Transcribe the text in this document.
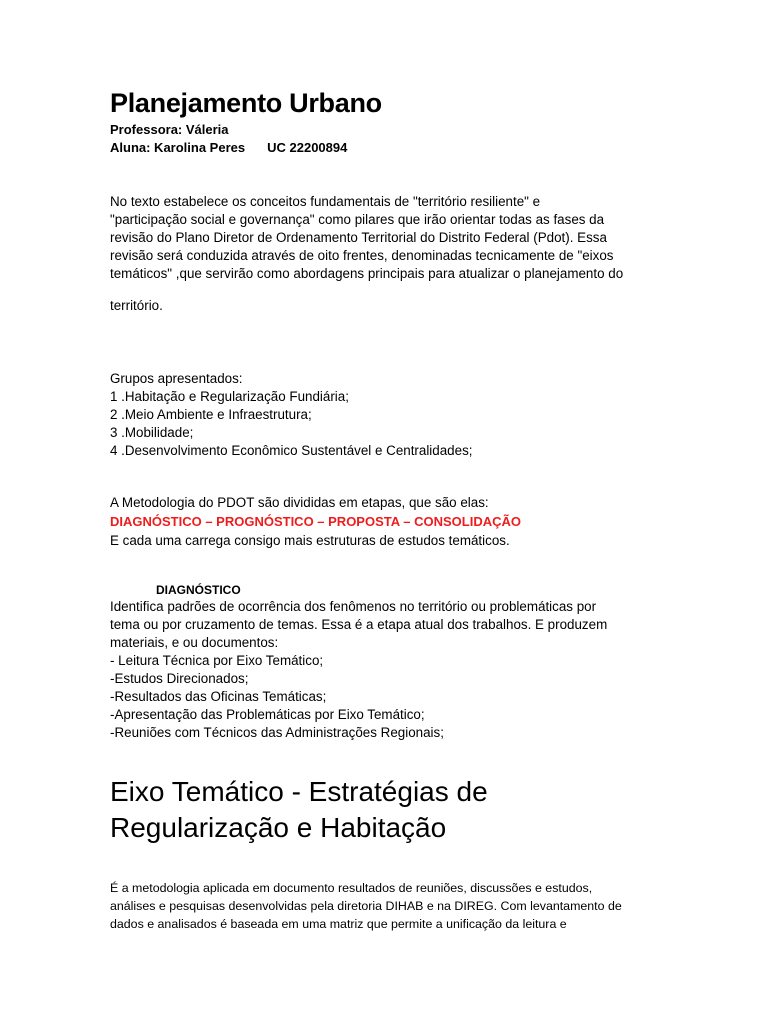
Planejamento Urbano
Professora: Váleria
Aluna: Karolina Peres UC 22200894
No texto estabelece os conceitos fundamentais de "território resiliente" e
"participação social e governança" como pilares que irão orientar todas as fases da
revisão do Plano Diretor de Ordenamento Territorial do Distrito Federal (Pdot). Essa
revisão será conduzida através de oito frentes, denominadas tecnicamente de "eixos
temáticos" ,que servirão como abordagens principais para atualizar o planejamento do
território.
Grupos apresentados:
1 .Habitação e Regularização Fundiária;
2 .Meio Ambiente e Infraestrutura;
3 .Mobilidade;
4 .Desenvolvimento Econômico Sustentável e Centralidades;
A Metodologia do PDOT são divididas em etapas, que são elas:
DIAGNÓSTICO – PROGNÓSTICO – PROPOSTA – CONSOLIDAÇÃO
E cada uma carrega consigo mais estruturas de estudos temáticos.
DIAGNÓSTICO
Identifica padrões de ocorrência dos fenômenos no território ou problemáticas por
tema ou por cruzamento de temas. Essa é a etapa atual dos trabalhos. E produzem
materiais, e ou documentos:
- Leitura Técnica por Eixo Temático;
-Estudos Direcionados;
-Resultados das Oficinas Temáticas;
-Apresentação das Problemáticas por Eixo Temático;
-Reuniões com Técnicos das Administrações Regionais;
Eixo Temático - Estratégias de
Regularização e Habitação
É a metodologia aplicada em documento resultados de reuniões, discussões e estudos,
análises e pesquisas desenvolvidas pela diretoria DIHAB e na DIREG. Com levantamento de
dados e analisados é baseada em uma matriz que permite a unificação da leitura e
